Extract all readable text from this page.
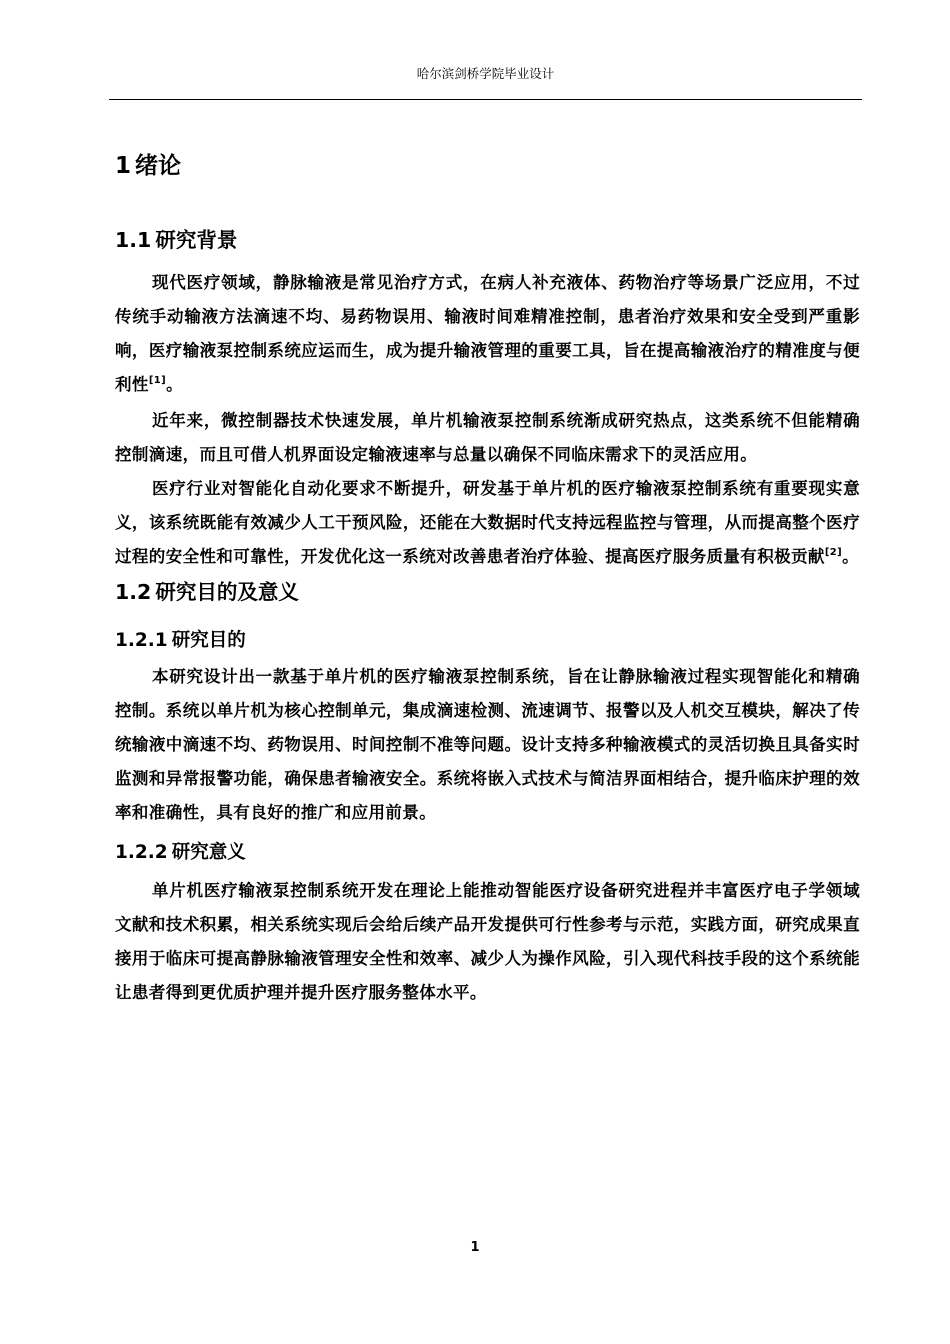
哈尔滨剑桥学院毕业设计
1 绪论
1.1 研究背景

现代医疗领域，静脉输液是常见治疗方式，在病人补充液体、药物治疗等场景广泛应用，不过传统手动输液方法滴速不均、易药物误用、输液时间难精准控制，患者治疗效果和安全受到严重影响，医疗输液泵控制系统应运而生，成为提升输液管理的重要工具，旨在提高输液治疗的精准度与便利性[1]。

近年来，微控制器技术快速发展，单片机输液泵控制系统渐成研究热点，这类系统不但能精确控制滴速，而且可借人机界面设定输液速率与总量以确保不同临床需求下的灵活应用。

医疗行业对智能化自动化要求不断提升，研发基于单片机的医疗输液泵控制系统有重要现实意义，该系统既能有效减少人工干预风险，还能在大数据时代支持远程监控与管理，从而提高整个医疗过程的安全性和可靠性，开发优化这一系统对改善患者治疗体验、提高医疗服务质量有积极贡献[2]。

1.2 研究目的及意义
1.2.1 研究目的

本研究设计出一款基于单片机的医疗输液泵控制系统，旨在让静脉输液过程实现智能化和精确控制。系统以单片机为核心控制单元，集成滴速检测、流速调节、报警以及人机交互模块，解决了传统输液中滴速不均、药物误用、时间控制不准等问题。设计支持多种输液模式的灵活切换且具备实时监测和异常报警功能，确保患者输液安全。系统将嵌入式技术与简洁界面相结合，提升临床护理的效率和准确性，具有良好的推广和应用前景。

1.2.2 研究意义

单片机医疗输液泵控制系统开发在理论上能推动智能医疗设备研究进程并丰富医疗电子学领域文献和技术积累，相关系统实现后会给后续产品开发提供可行性参考与示范，实践方面，研究成果直接用于临床可提高静脉输液管理安全性和效率、减少人为操作风险，引入现代科技手段的这个系统能让患者得到更优质护理并提升医疗服务整体水平。

1
